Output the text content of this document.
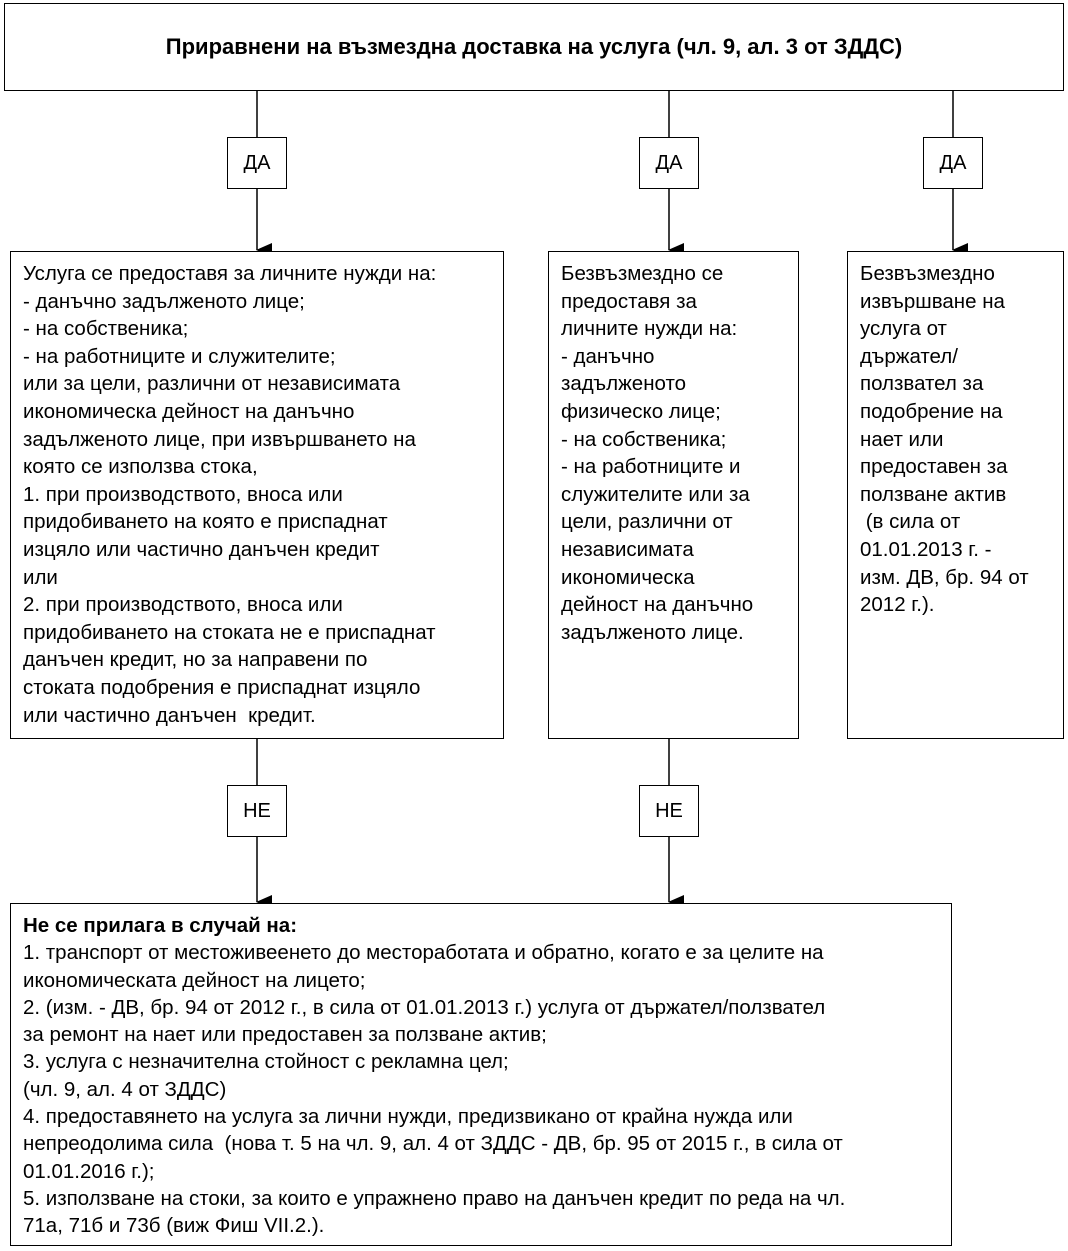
Приравнени на възмездна доставка на услуга (чл. 9, ал. 3 от ЗДДС)
ДА	ДА	ДА
Услуга се предоставя за личните нужди на:
- данъчно задълженото лице;
- на собственика;
- на работниците и служителите;
или за цели, различни от независимата
икономическа дейност на данъчно
задълженото лице, при извършването на
която се използва стока,
1. при производството, вноса или
придобиването на която е приспаднат
изцяло или частично данъчен кредит
или
2. при производството, вноса или
придобиването на стоката не е приспаднат
данъчен кредит, но за направени по
стоката подобрения е приспаднат изцяло
или частично данъчен  кредит.
Безвъзмездно се
предоставя за
личните нужди на:
- данъчно
задълженото
физическо лице;
- на собственика;
- на работниците и
служителите или за
цели, различни от
независимата
икономическа
дейност на данъчно
задълженото лице.
Безвъзмездно
извършване на
услуга от
държател/
ползвател за
подобрение на
нает или
предоставен за
ползване актив
(в сила от
01.01.2013 г. -
изм. ДВ, бр. 94 от
2012 г.).
НЕ	НЕ
Не се прилага в случай на:
1. транспорт от местоживеенето до месторaботата и обратно, когато е за целите на
икономическата дейност на лицето;
2. (изм. - ДВ, бр. 94 от 2012 г., в сила от 01.01.2013 г.) услуга от държател/ползвател
за ремонт на нает или предоставен за ползване актив;
3. услуга с незначителна стойност с рекламна цел;
(чл. 9, ал. 4 от ЗДДС)
4. предоставянето на услуга за лични нужди, предизвикано от крайна нужда или
непреодолима сила  (нова т. 5 на чл. 9, ал. 4 от ЗДДС - ДВ, бр. 95 от 2015 г., в сила от
01.01.2016 г.);
5. използване на стоки, за които е упражнено право на данъчен кредит по реда на чл.
71а, 71б и 73б (виж Фиш VII.2.).
